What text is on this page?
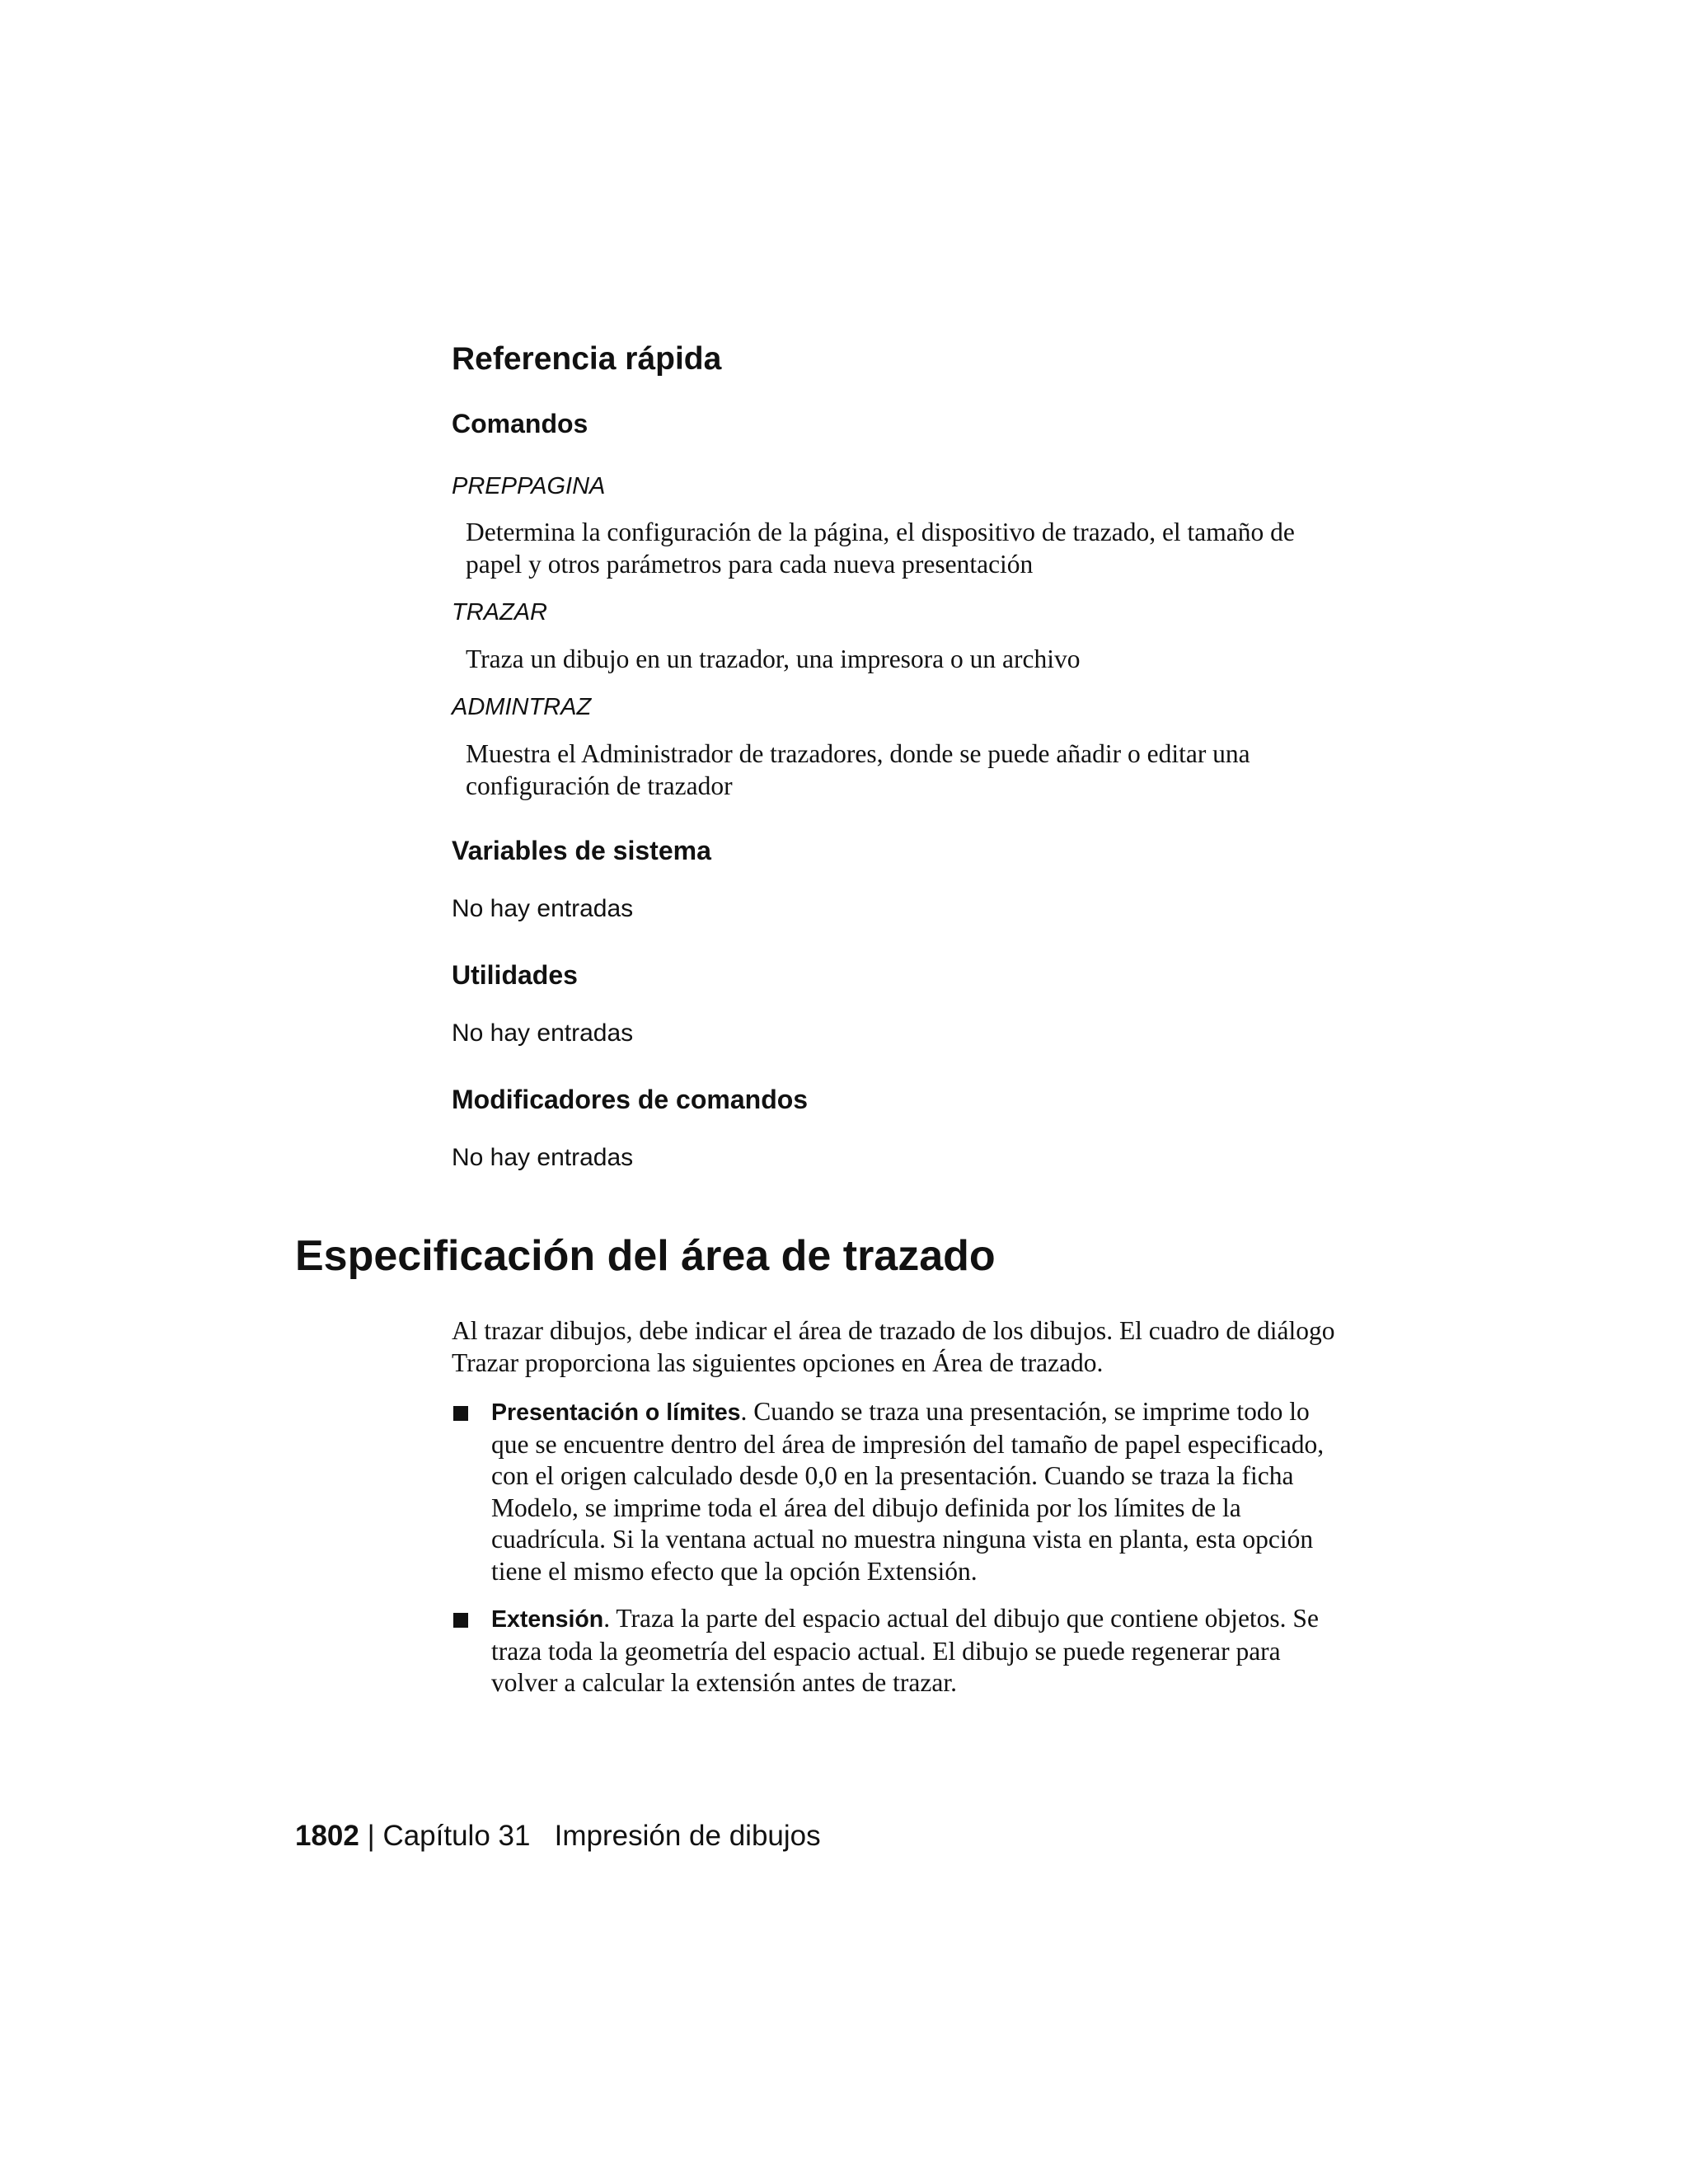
Referencia rápida
Comandos

PREPPAGINA

Determina la configuración de la página, el dispositivo de trazado, el tamaño de papel y otros parámetros para cada nueva presentación

TRAZAR

Traza un dibujo en un trazador, una impresora o un archivo

ADMINTRAZ

Muestra el Administrador de trazadores, donde se puede añadir o editar una configuración de trazador

Variables de sistema

No hay entradas

Utilidades

No hay entradas

Modificadores de comandos

No hay entradas

Especificación del área de trazado

Al trazar dibujos, debe indicar el área de trazado de los dibujos. El cuadro de diálogo Trazar proporciona las siguientes opciones en Área de trazado.

Presentación o límites. Cuando se traza una presentación, se imprime todo lo que se encuentre dentro del área de impresión del tamaño de papel especificado, con el origen calculado desde 0,0 en la presentación. Cuando se traza la ficha Modelo, se imprime toda el área del dibujo definida por los límites de la cuadrícula. Si la ventana actual no muestra ninguna vista en planta, esta opción tiene el mismo efecto que la opción Extensión.
Extensión. Traza la parte del espacio actual del dibujo que contiene objetos. Se traza toda la geometría del espacio actual. El dibujo se puede regenerar para volver a calcular la extensión antes de trazar.

1802 | Capítulo 31 Impresión de dibujos
